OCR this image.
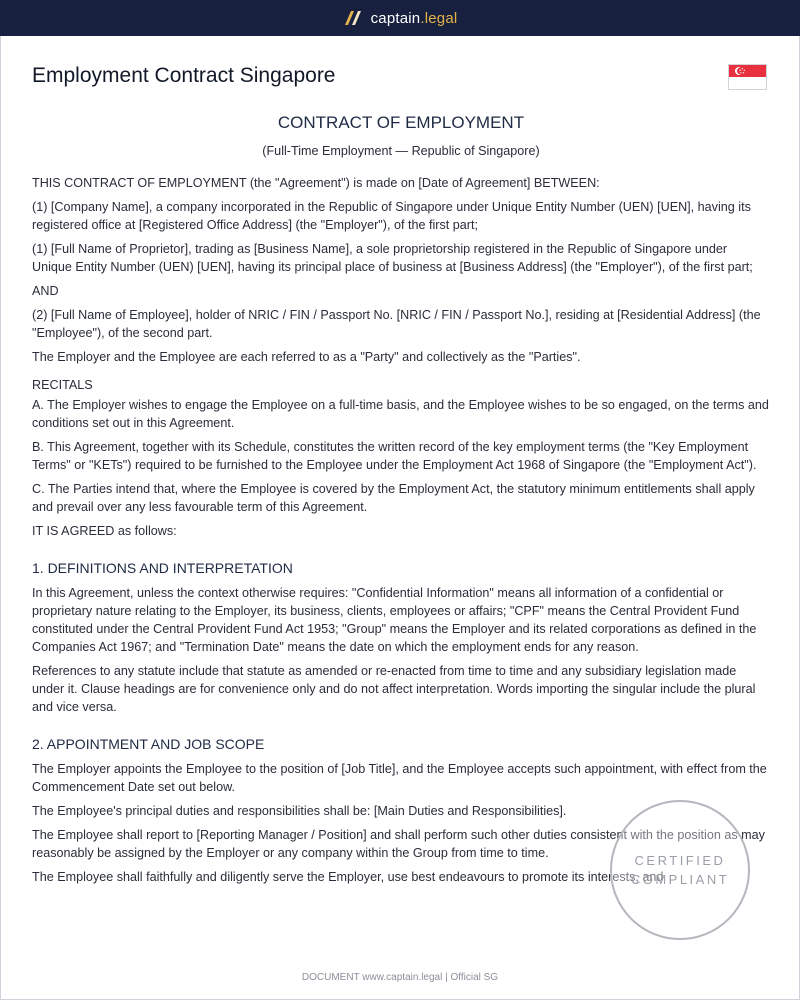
captain.legal
Employment Contract Singapore
CONTRACT OF EMPLOYMENT
(Full-Time Employment — Republic of Singapore)

THIS CONTRACT OF EMPLOYMENT (the "Agreement") is made on [Date of Agreement] BETWEEN:

(1) [Company Name], a company incorporated in the Republic of Singapore under Unique Entity Number (UEN) [UEN], having its registered office at [Registered Office Address] (the "Employer"), of the first part;

(1) [Full Name of Proprietor], trading as [Business Name], a sole proprietorship registered in the Republic of Singapore under Unique Entity Number (UEN) [UEN], having its principal place of business at [Business Address] (the "Employer"), of the first part;

AND

(2) [Full Name of Employee], holder of NRIC / FIN / Passport No. [NRIC / FIN / Passport No.], residing at [Residential Address] (the "Employee"), of the second part.

The Employer and the Employee are each referred to as a "Party" and collectively as the "Parties".

RECITALS

A. The Employer wishes to engage the Employee on a full-time basis, and the Employee wishes to be so engaged, on the terms and conditions set out in this Agreement.

B. This Agreement, together with its Schedule, constitutes the written record of the key employment terms (the "Key Employment Terms" or "KETs") required to be furnished to the Employee under the Employment Act 1968 of Singapore (the "Employment Act").

C. The Parties intend that, where the Employee is covered by the Employment Act, the statutory minimum entitlements shall apply and prevail over any less favourable term of this Agreement.

IT IS AGREED as follows:

1. DEFINITIONS AND INTERPRETATION

In this Agreement, unless the context otherwise requires: "Confidential Information" means all information of a confidential or proprietary nature relating to the Employer, its business, clients, employees or affairs; "CPF" means the Central Provident Fund constituted under the Central Provident Fund Act 1953; "Group" means the Employer and its related corporations as defined in the Companies Act 1967; and "Termination Date" means the date on which the employment ends for any reason.

References to any statute include that statute as amended or re-enacted from time to time and any subsidiary legislation made under it. Clause headings are for convenience only and do not affect interpretation. Words importing the singular include the plural and vice versa.

2. APPOINTMENT AND JOB SCOPE

The Employer appoints the Employee to the position of [Job Title], and the Employee accepts such appointment, with effect from the Commencement Date set out below.

The Employee's principal duties and responsibilities shall be: [Main Duties and Responsibilities].

The Employee shall report to [Reporting Manager / Position] and shall perform such other duties consistent with the position as may reasonably be assigned by the Employer or any company within the Group from time to time.

The Employee shall faithfully and diligently serve the Employer, use best endeavours to promote its interests, and

CERTIFIED
COMPLIANT
DOCUMENT www.captain.legal | Official SG
